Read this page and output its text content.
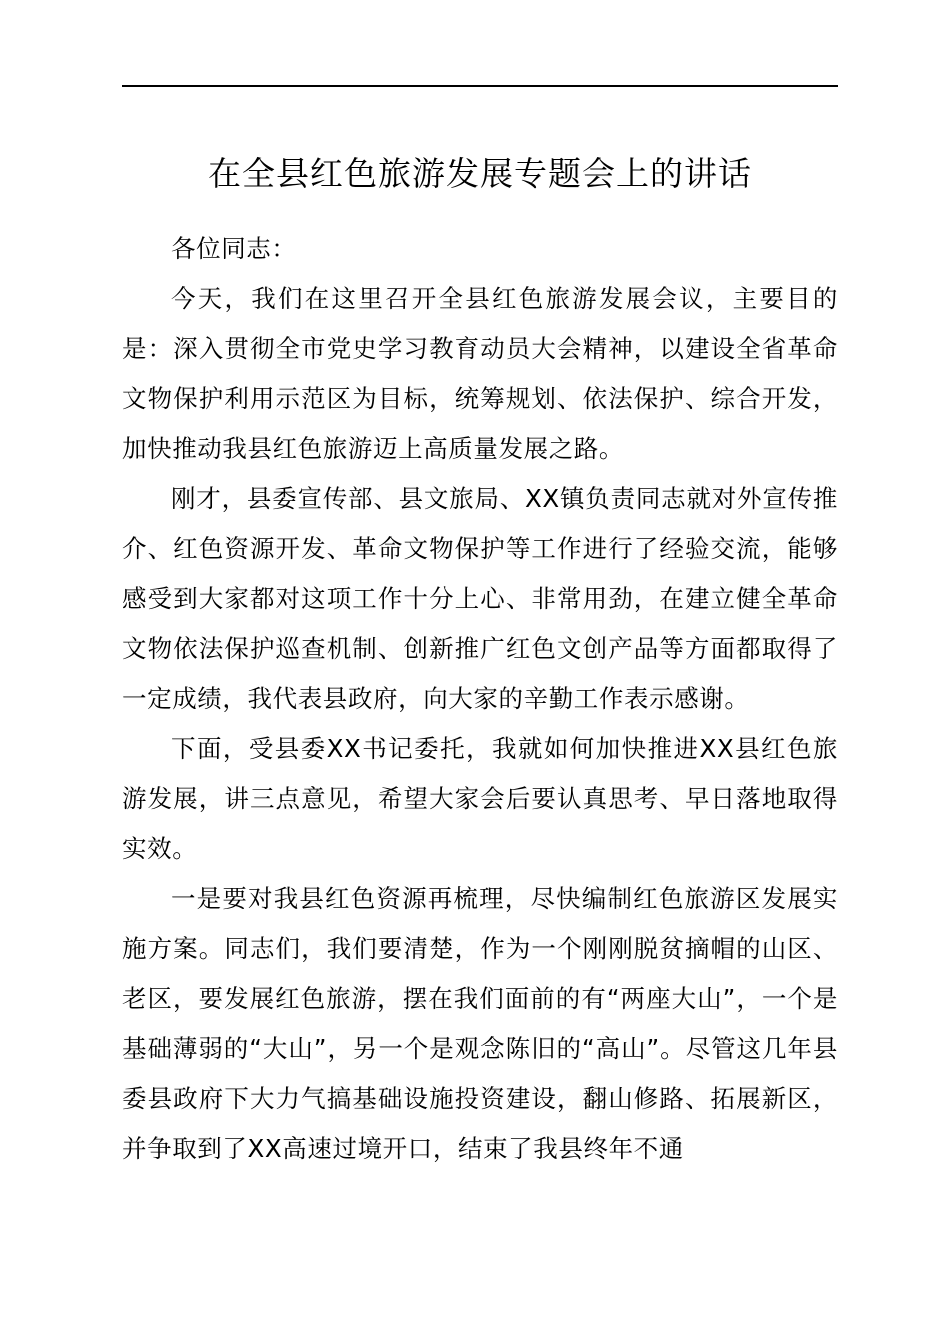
在全县红色旅游发展专题会上的讲话

各位同志：

今天，我们在这里召开全县红色旅游发展会议，主要目的是：深入贯彻全市党史学习教育动员大会精神，以建设全省革命文物保护利用示范区为目标，统筹规划、依法保护、综合开发，加快推动我县红色旅游迈上高质量发展之路。

刚才，县委宣传部、县文旅局、XX镇负责同志就对外宣传推介、红色资源开发、革命文物保护等工作进行了经验交流，能够感受到大家都对这项工作十分上心、非常用劲，在建立健全革命文物依法保护巡查机制、创新推广红色文创产品等方面都取得了一定成绩，我代表县政府，向大家的辛勤工作表示感谢。

下面，受县委XX书记委托，我就如何加快推进XX县红色旅游发展，讲三点意见，希望大家会后要认真思考、早日落地取得实效。

一是要对我县红色资源再梳理，尽快编制红色旅游区发展实施方案。同志们，我们要清楚，作为一个刚刚脱贫摘帽的山区、老区，要发展红色旅游，摆在我们面前的有“两座大山”，一个是基础薄弱的“大山”，另一个是观念陈旧的“高山”。尽管这几年县委县政府下大力气搞基础设施投资建设，翻山修路、拓展新区，并争取到了XX高速过境开口，结束了我县终年不通
